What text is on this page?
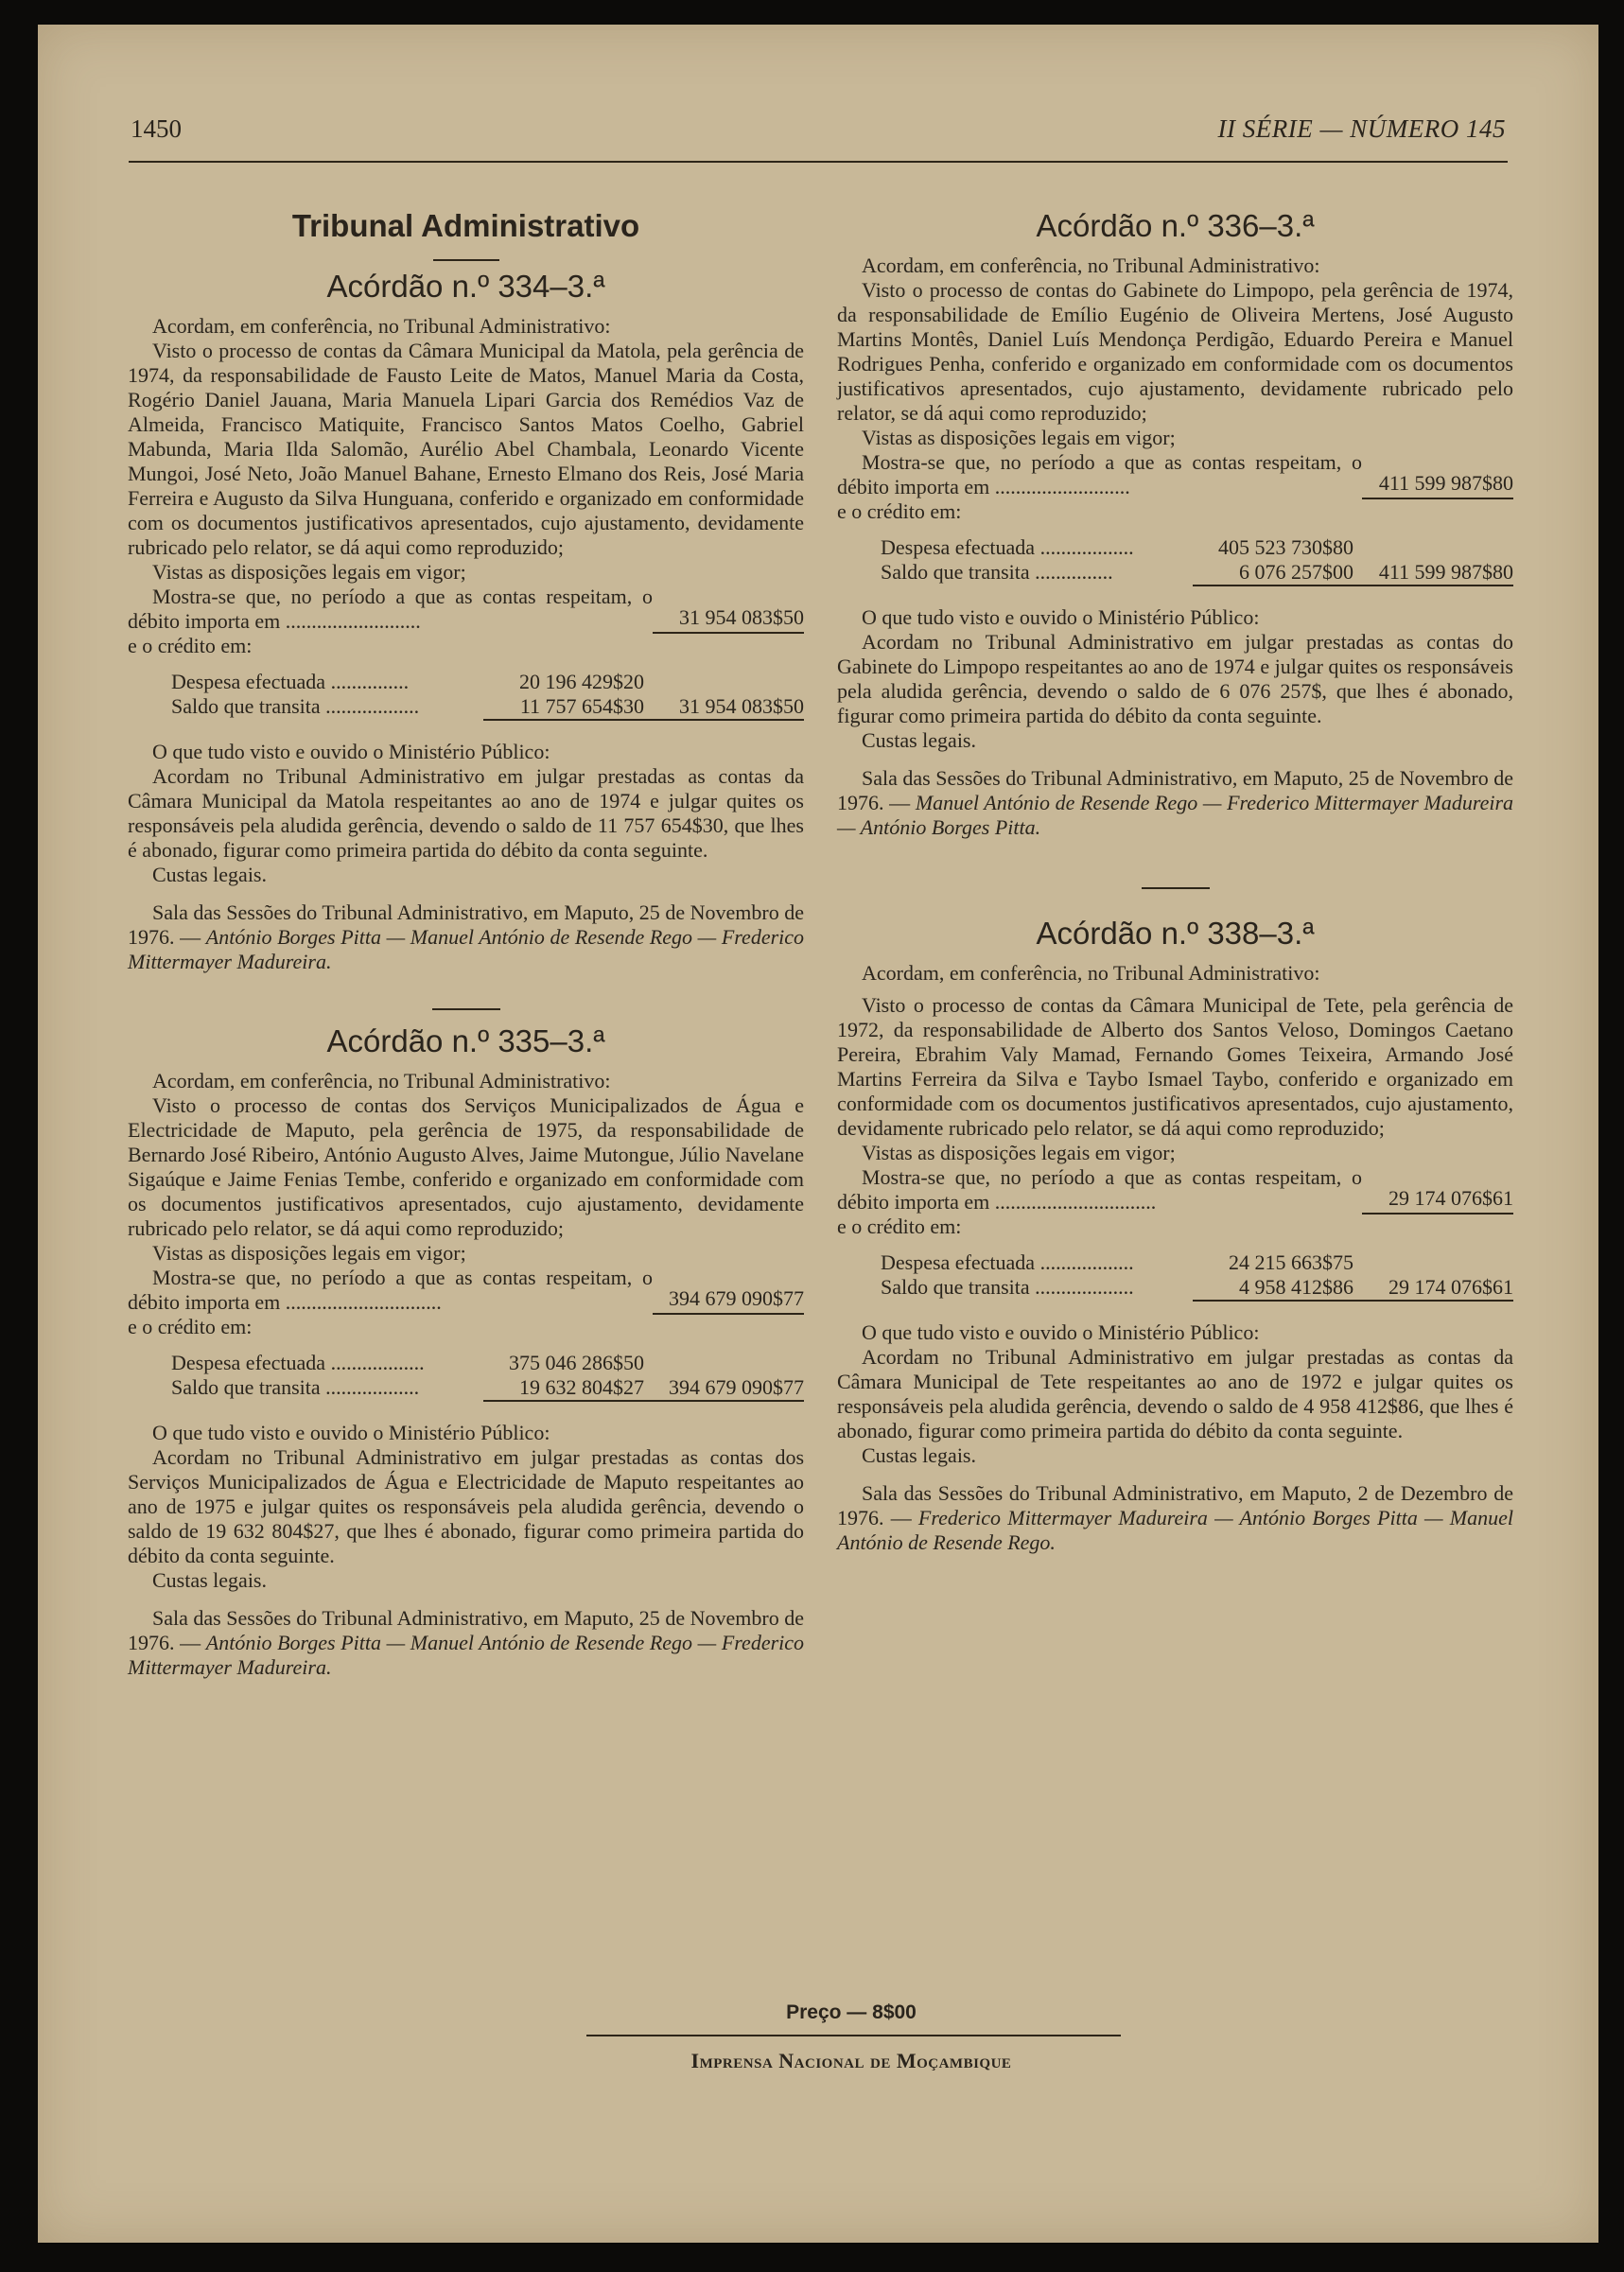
1450	II SÉRIE — NÚMERO 145
Tribunal Administrativo
Acórdão n.º 334–3.ª

Acordam, em conferência, no Tribunal Administrativo:

Visto o processo de contas da Câmara Municipal da Matola, pela gerência de 1974, da responsabilidade de Fausto Leite de Matos, Manuel Maria da Costa, Rogério Daniel Jauana, Maria Manuela Lipari Garcia dos Remédios Vaz de Almeida, Francisco Matiquite, Francisco Santos Matos Coelho, Gabriel Mabunda, Maria Ilda Salomão, Aurélio Abel Chambala, Leonardo Vicente Mungoi, José Neto, João Manuel Bahane, Ernesto Elmano dos Reis, José Maria Ferreira e Augusto da Silva Hunguana, conferido e organizado em conformidade com os documentos justificativos apresentados, cujo ajustamento, devidamente rubricado pelo relator, se dá aqui como reproduzido;

Vistas as disposições legais em vigor;

Mostra-se que, no período a que as contas respeitam, o débito importa em ..........................	31 954 083$50

e o crédito em:

Despesa efectuada ...............	20 196 429$20
Saldo que transita ..................	11 757 654$30	31 954 083$50

O que tudo visto e ouvido o Ministério Público:

Acordam no Tribunal Administrativo em julgar prestadas as contas da Câmara Municipal da Matola respeitantes ao ano de 1974 e julgar quites os responsáveis pela aludida gerência, devendo o saldo de 11 757 654$30, que lhes é abonado, figurar como primeira partida do débito da conta seguinte.

Custas legais.

Sala das Sessões do Tribunal Administrativo, em Maputo, 25 de Novembro de 1976. — António Borges Pitta — Manuel António de Resende Rego — Frederico Mittermayer Madureira.

Acórdão n.º 335–3.ª

Acordam, em conferência, no Tribunal Administrativo:

Visto o processo de contas dos Serviços Municipalizados de Água e Electricidade de Maputo, pela gerência de 1975, da responsabilidade de Bernardo José Ribeiro, António Augusto Alves, Jaime Mutongue, Júlio Navelane Sigaúque e Jaime Fenias Tembe, conferido e organizado em conformidade com os documentos justificativos apresentados, cujo ajustamento, devidamente rubricado pelo relator, se dá aqui como reproduzido;

Vistas as disposições legais em vigor;

Mostra-se que, no período a que as contas respeitam, o débito importa em ..............................	394 679 090$77

e o crédito em:

Despesa efectuada ..................	375 046 286$50
Saldo que transita ..................	19 632 804$27	394 679 090$77

O que tudo visto e ouvido o Ministério Público:

Acordam no Tribunal Administrativo em julgar prestadas as contas dos Serviços Municipalizados de Água e Electricidade de Maputo respeitantes ao ano de 1975 e julgar quites os responsáveis pela aludida gerência, devendo o saldo de 19 632 804$27, que lhes é abonado, figurar como primeira partida do débito da conta seguinte.

Custas legais.

Sala das Sessões do Tribunal Administrativo, em Maputo, 25 de Novembro de 1976. — António Borges Pitta — Manuel António de Resende Rego — Frederico Mittermayer Madureira.

Acórdão n.º 336–3.ª

Acordam, em conferência, no Tribunal Administrativo:

Visto o processo de contas do Gabinete do Limpopo, pela gerência de 1974, da responsabilidade de Emílio Eugénio de Oliveira Mertens, José Augusto Martins Montês, Daniel Luís Mendonça Perdigão, Eduardo Pereira e Manuel Rodrigues Penha, conferido e organizado em conformidade com os documentos justificativos apresentados, cujo ajustamento, devidamente rubricado pelo relator, se dá aqui como reproduzido;

Vistas as disposições legais em vigor;

Mostra-se que, no período a que as contas respeitam, o débito importa em ..........................	411 599 987$80

e o crédito em:

Despesa efectuada ..................	405 523 730$80
Saldo que transita ...............	6 076 257$00	411 599 987$80

O que tudo visto e ouvido o Ministério Público:

Acordam no Tribunal Administrativo em julgar prestadas as contas do Gabinete do Limpopo respeitantes ao ano de 1974 e julgar quites os responsáveis pela aludida gerência, devendo o saldo de 6 076 257$, que lhes é abonado, figurar como primeira partida do débito da conta seguinte.

Custas legais.

Sala das Sessões do Tribunal Administrativo, em Maputo, 25 de Novembro de 1976. — Manuel António de Resende Rego — Frederico Mittermayer Madureira — António Borges Pitta.

Acórdão n.º 338–3.ª

Acordam, em conferência, no Tribunal Administrativo:

Visto o processo de contas da Câmara Municipal de Tete, pela gerência de 1972, da responsabilidade de Alberto dos Santos Veloso, Domingos Caetano Pereira, Ebrahim Valy Mamad, Fernando Gomes Teixeira, Armando José Martins Ferreira da Silva e Taybo Ismael Taybo, conferido e organizado em conformidade com os documentos justificativos apresentados, cujo ajustamento, devidamente rubricado pelo relator, se dá aqui como reproduzido;

Vistas as disposições legais em vigor;

Mostra-se que, no período a que as contas respeitam, o débito importa em ...............................	29 174 076$61

e o crédito em:

Despesa efectuada ..................	24 215 663$75
Saldo que transita ...................	4 958 412$86	29 174 076$61

O que tudo visto e ouvido o Ministério Público:

Acordam no Tribunal Administrativo em julgar prestadas as contas da Câmara Municipal de Tete respeitantes ao ano de 1972 e julgar quites os responsáveis pela aludida gerência, devendo o saldo de 4 958 412$86, que lhes é abonado, figurar como primeira partida do débito da conta seguinte.

Custas legais.

Sala das Sessões do Tribunal Administrativo, em Maputo, 2 de Dezembro de 1976. — Frederico Mittermayer Madureira — António Borges Pitta — Manuel António de Resende Rego.

Preço — 8$00
Imprensa Nacional de Moçambique
